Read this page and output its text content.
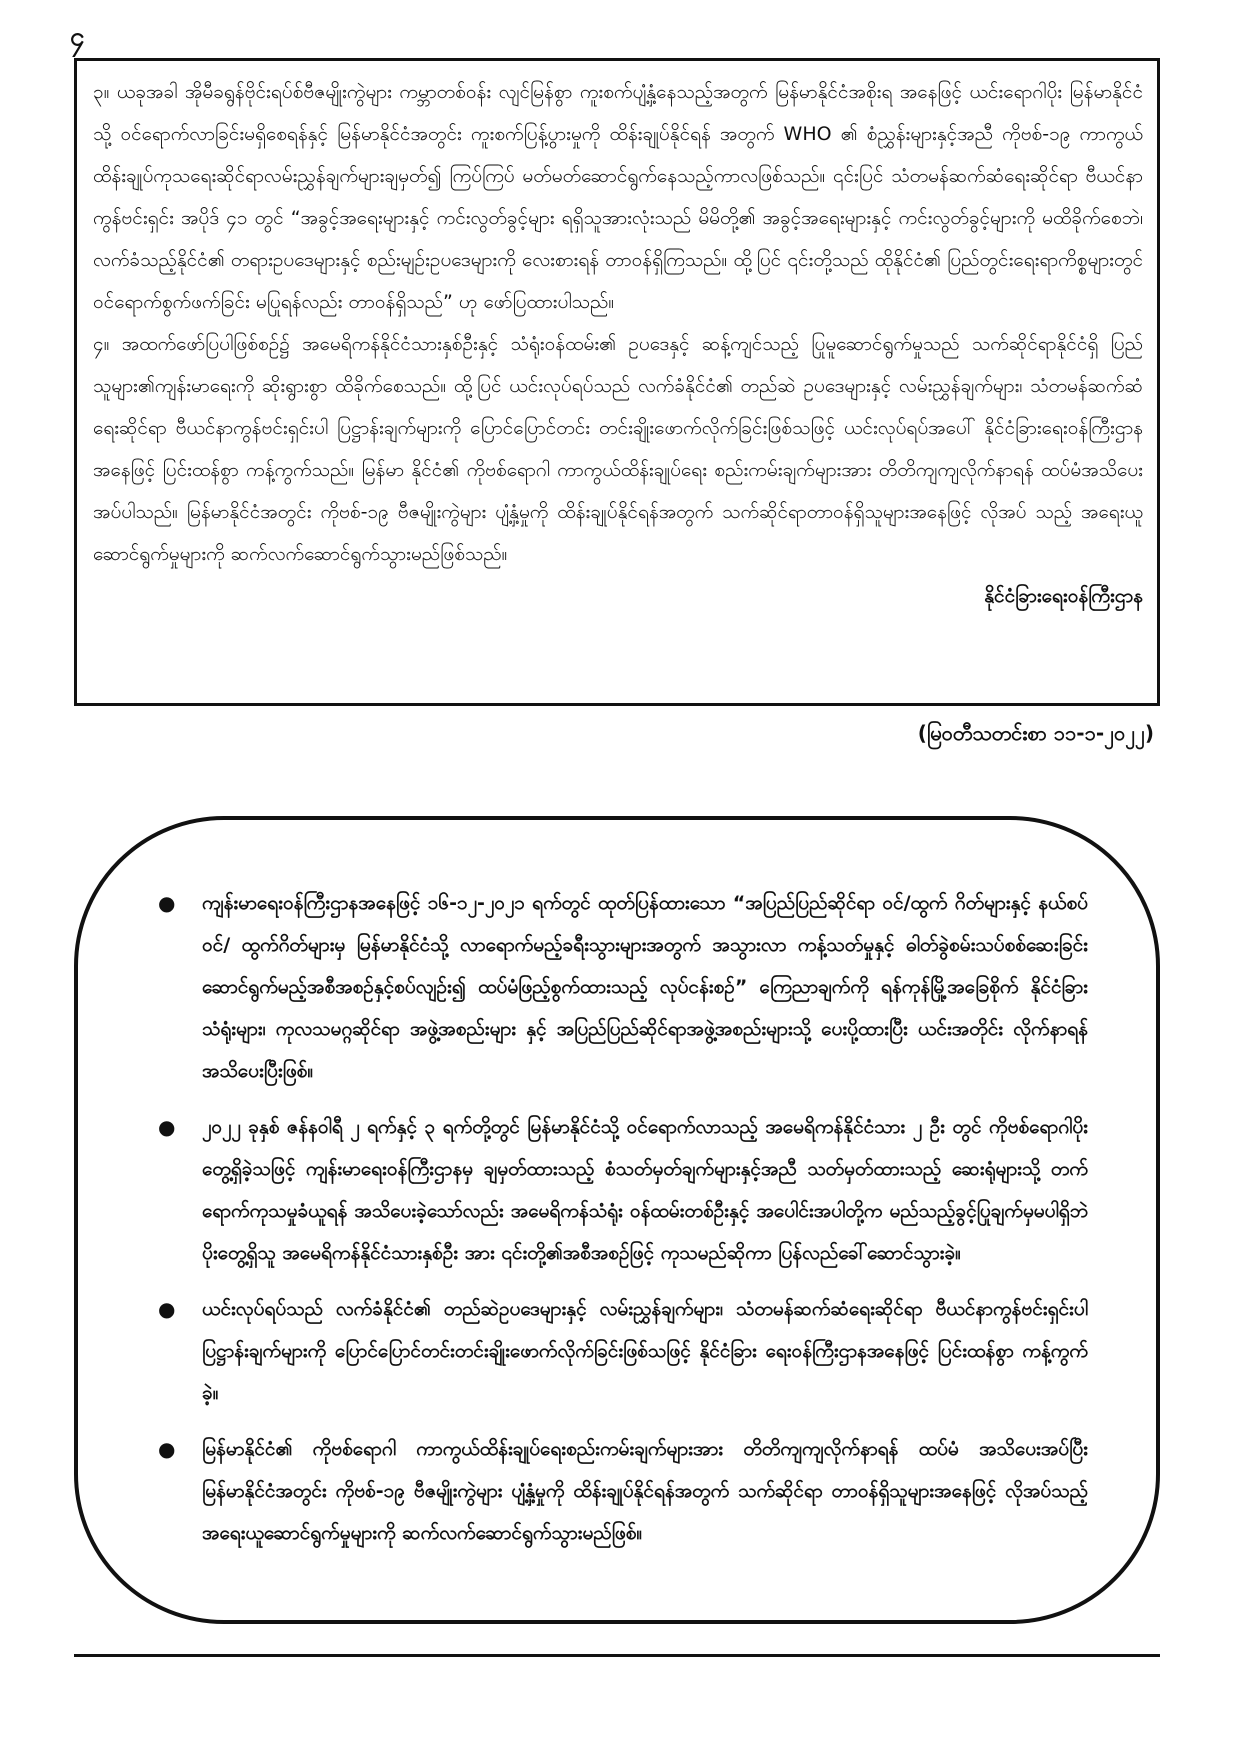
၄

၃။ ယခုအခါ အိုမီခရွန်ဗိုင်းရပ်စ်ဗီဇမျိုးကွဲများ ကမ္ဘာတစ်ဝန်း လျင်မြန်စွာ ကူးစက်ပျံ့နှံ့နေသည့်အတွက် မြန်မာနိုင်ငံအစိုးရ အနေဖြင့် ယင်းရောဂါပိုး မြန်မာနိုင်ငံသို့ ဝင်ရောက်လာခြင်းမရှိစေရန်နှင့် မြန်မာနိုင်ငံအတွင်း ကူးစက်ပြန့်ပွားမှုကို ထိန်းချုပ်နိုင်ရန် အတွက် WHO ၏ စံညွှန်းများနှင့်အညီ ကိုဗစ်-၁၉ ကာကွယ် ထိန်းချုပ်ကုသရေးဆိုင်ရာလမ်းညွှန်ချက်များချမှတ်၍ ကြပ်ကြပ် မတ်မတ်ဆောင်ရွက်နေသည့်ကာလဖြစ်သည်။ ၎င်းပြင် သံတမန်ဆက်ဆံရေးဆိုင်ရာ ဗီယင်နာကွန်ဗင်းရှင်း အပိုဒ် ၄၁ တွင် “အခွင့်အရေးများနှင့် ကင်းလွတ်ခွင့်များ ရရှိသူအားလုံးသည် မိမိတို့၏ အခွင့်အရေးများနှင့် ကင်းလွတ်ခွင့်များကို မထိခိုက်စေဘဲ၊ လက်ခံသည့်နိုင်ငံ၏ တရားဥပဒေများနှင့် စည်းမျဉ်းဥပဒေများကို လေးစားရန် တာဝန်ရှိကြသည်။ ထို့ပြင် ၎င်းတို့သည် ထိုနိုင်ငံ၏ ပြည်တွင်းရေးရာကိစ္စများတွင် ဝင်ရောက်စွက်ဖက်ခြင်း မပြုရန်လည်း တာဝန်ရှိသည်” ဟု ဖော်ပြထားပါသည်။

၄။ အထက်ဖော်ပြပါဖြစ်စဉ်၌ အမေရိကန်နိုင်ငံသားနှစ်ဦးနှင့် သံရုံးဝန်ထမ်း၏ ဥပဒေနှင့် ဆန့်ကျင်သည့် ပြုမူဆောင်ရွက်မှုသည် သက်ဆိုင်ရာနိုင်ငံရှိ ပြည်သူများ၏ကျန်းမာရေးကို ဆိုးရွားစွာ ထိခိုက်စေသည်။ ထို့ပြင် ယင်းလုပ်ရပ်သည် လက်ခံနိုင်ငံ၏ တည်ဆဲ ဥပဒေများနှင့် လမ်းညွှန်ချက်များ၊ သံတမန်ဆက်ဆံရေးဆိုင်ရာ ဗီယင်နာကွန်ဗင်းရှင်းပါ ပြဋ္ဌာန်းချက်များကို ပြောင်ပြောင်တင်း တင်းချိုးဖောက်လိုက်ခြင်းဖြစ်သဖြင့် ယင်းလုပ်ရပ်အပေါ် နိုင်ငံခြားရေးဝန်ကြီးဌာနအနေဖြင့် ပြင်းထန်စွာ ကန့်ကွက်သည်။ မြန်မာ နိုင်ငံ၏ ကိုဗစ်ရောဂါ ကာကွယ်ထိန်းချုပ်ရေး စည်းကမ်းချက်များအား တိတိကျကျလိုက်နာရန် ထပ်မံအသိပေးအပ်ပါသည်။ မြန်မာနိုင်ငံအတွင်း ကိုဗစ်-၁၉ ဗီဇမျိုးကွဲများ ပျံ့နှံ့မှုကို ထိန်းချုပ်နိုင်ရန်အတွက် သက်ဆိုင်ရာတာဝန်ရှိသူများအနေဖြင့် လိုအပ် သည့် အရေးယူဆောင်ရွက်မှုများကို ဆက်လက်ဆောင်ရွက်သွားမည်ဖြစ်သည်။

နိုင်ငံခြားရေးဝန်ကြီးဌာန
(မြဝတီသတင်းစာ ၁၁-၁-၂၀၂၂)
● ကျန်းမာရေးဝန်ကြီးဌာနအနေဖြင့် ၁၆-၁၂-၂၀၂၁ ရက်တွင် ထုတ်ပြန်ထားသော “အပြည်ပြည်ဆိုင်ရာ ဝင်/ထွက် ဂိတ်များနှင့် နယ်စပ်ဝင်/ ထွက်ဂိတ်များမှ မြန်မာနိုင်ငံသို့ လာရောက်မည့်ခရီးသွားများအတွက် အသွားလာ ကန့်သတ်မှုနှင့် ဓါတ်ခွဲစမ်းသပ်စစ်ဆေးခြင်းဆောင်ရွက်မည့်အစီအစဉ်နှင့်စပ်လျဉ်း၍ ထပ်မံဖြည့်စွက်ထားသည့် လုပ်ငန်းစဉ်” ကြေညာချက်ကို ရန်ကုန်မြို့အခြေစိုက် နိုင်ငံခြားသံရုံးများ၊ ကုလသမဂ္ဂဆိုင်ရာ အဖွဲ့အစည်းများ နှင့် အပြည်ပြည်ဆိုင်ရာအဖွဲ့အစည်းများသို့ ပေးပို့ထားပြီး ယင်းအတိုင်း လိုက်နာရန် အသိပေးပြီးဖြစ်။
● ၂၀၂၂ ခုနှစ် ဇန်နဝါရီ ၂ ရက်နှင့် ၃ ရက်တို့တွင် မြန်မာနိုင်ငံသို့ ဝင်ရောက်လာသည့် အမေရိကန်နိုင်ငံသား ၂ ဦး တွင် ကိုဗစ်ရောဂါပိုးတွေ့ရှိခဲ့သဖြင့် ကျန်းမာရေးဝန်ကြီးဌာနမှ ချမှတ်ထားသည့် စံသတ်မှတ်ချက်များနှင့်အညီ သတ်မှတ်ထားသည့် ဆေးရုံများသို့ တက်ရောက်ကုသမှုခံယူရန် အသိပေးခဲ့သော်လည်း အမေရိကန်သံရုံး ဝန်ထမ်းတစ်ဦးနှင့် အပေါင်းအပါတို့က မည်သည့်ခွင့်ပြုချက်မှမပါရှိဘဲ ပိုးတွေ့ရှိသူ အမေရိကန်နိုင်ငံသားနှစ်ဦး အား ၎င်းတို့၏အစီအစဉ်ဖြင့် ကုသမည်ဆိုကာ ပြန်လည်ခေါ်ဆောင်သွားခဲ့။
● ယင်းလုပ်ရပ်သည် လက်ခံနိုင်ငံ၏ တည်ဆဲဥပဒေများနှင့် လမ်းညွှန်ချက်များ၊ သံတမန်ဆက်ဆံရေးဆိုင်ရာ ဗီယင်နာကွန်ဗင်းရှင်းပါ ပြဋ္ဌာန်းချက်များကို ပြောင်ပြောင်တင်းတင်းချိုးဖောက်လိုက်ခြင်းဖြစ်သဖြင့် နိုင်ငံခြား ရေးဝန်ကြီးဌာနအနေဖြင့် ပြင်းထန်စွာ ကန့်ကွက်ခဲ့။
● မြန်မာနိုင်ငံ၏ ကိုဗစ်ရောဂါ ကာကွယ်ထိန်းချုပ်ရေးစည်းကမ်းချက်များအား တိတိကျကျလိုက်နာရန် ထပ်မံ အသိပေးအပ်ပြီး မြန်မာနိုင်ငံအတွင်း ကိုဗစ်-၁၉ ဗီဇမျိုးကွဲများ ပျံ့နှံ့မှုကို ထိန်းချုပ်နိုင်ရန်အတွက် သက်ဆိုင်ရာ တာဝန်ရှိသူများအနေဖြင့် လိုအပ်သည့် အရေးယူဆောင်ရွက်မှုများကို ဆက်လက်ဆောင်ရွက်သွားမည်ဖြစ်။
